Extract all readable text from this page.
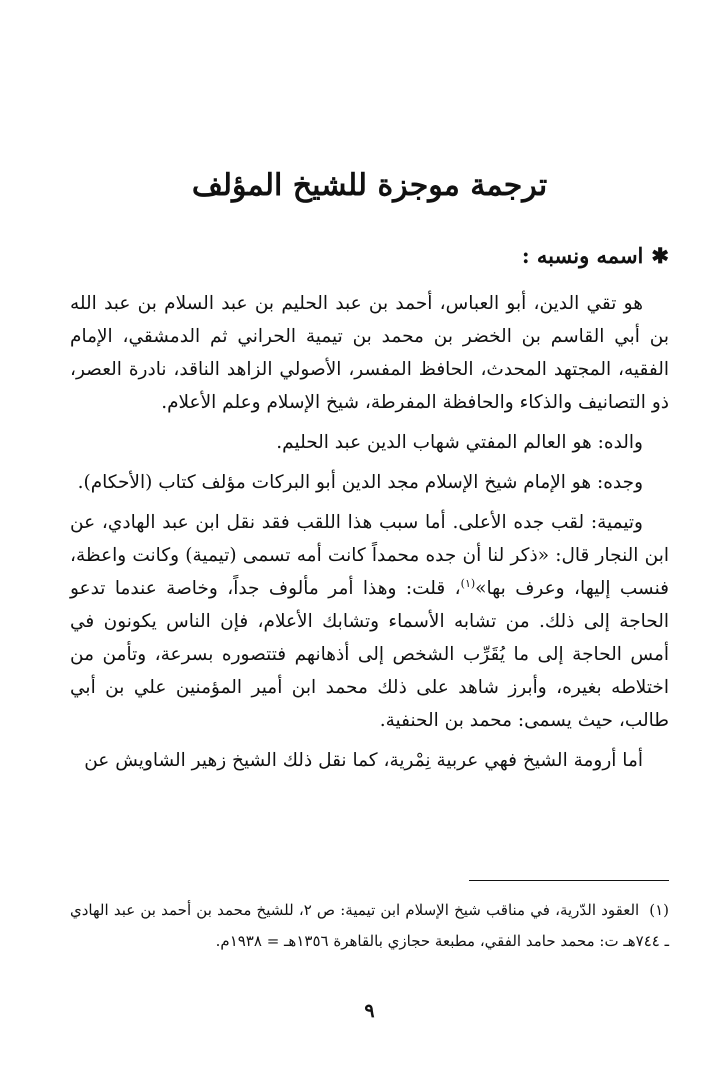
ترجمة موجزة للشيخ المؤلف
✱اسمه ونسبه :

هو تقي الدين، أبو العباس، أحمد بن عبد الحليم بن عبد السلام بن عبد الله بن أبي القاسم بن الخضر بن محمد بن تيمية الحراني ثم الدمشقي، الإمام الفقيه، المجتهد المحدث، الحافظ المفسر، الأصولي الزاهد الناقد، نادرة العصر، ذو التصانيف والذكاء والحافظة المفرطة، شيخ الإسلام وعلم الأعلام.

والده: هو العالم المفتي شهاب الدين عبد الحليم.

وجده: هو الإمام شيخ الإسلام مجد الدين أبو البركات مؤلف كتاب (الأحكام).

وتيمية: لقب جده الأعلى. أما سبب هذا اللقب فقد نقل ابن عبد الهادي، عن ابن النجار قال: «ذكر لنا أن جده محمداً كانت أمه تسمى (تيمية) وكانت واعظة، فنسب إليها، وعرف بها»$^{(١)}$، قلت: وهذا أمر مألوف جداً، وخاصة عندما تدعو الحاجة إلى ذلك. من تشابه الأسماء وتشابك الأعلام، فإن الناس يكونون في أمس الحاجة إلى ما يُقَرِّب الشخص إلى أذهانهم فتتصوره بسرعة، وتأمن من اختلاطه بغيره، وأبرز شاهد على ذلك محمد ابن أمير المؤمنين علي بن أبي طالب، حيث يسمى: محمد بن الحنفية.

أما أرومة الشيخ فهي عربية نِمْرية، كما نقل ذلك الشيخ زهير الشاويش عن

(١)العقود الدّرية، في مناقب شيخ الإسلام ابن تيمية: ص ٢، للشيخ محمد بن أحمد بن عبد الهادي ـ ٧٤٤هـ ت: محمد حامد الفقي، مطبعة حجازي بالقاهرة ١٣٥٦هـ = ١٩٣٨م.

٩
